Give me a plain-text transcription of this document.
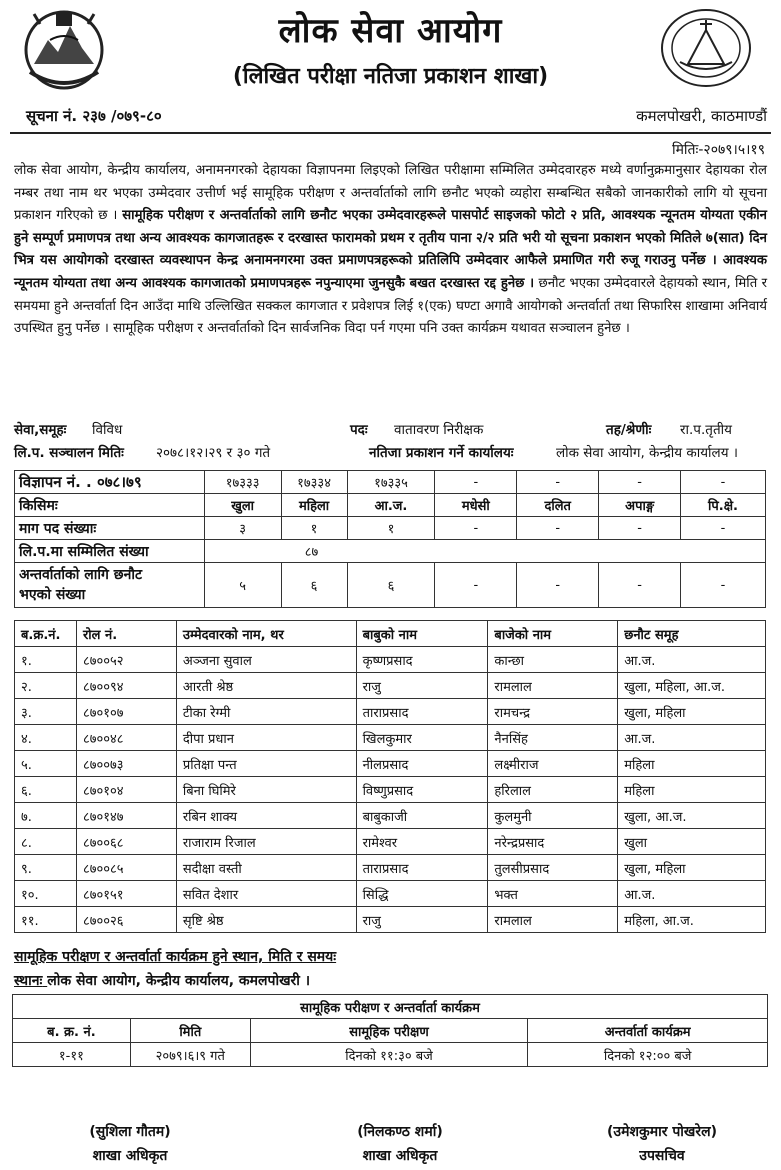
लोक सेवा आयोग
(लिखित परीक्षा नतिजा प्रकाशन शाखा)
सूचना नं. २३७ /०७९-८०	कमलपोखरी, काठमाण्डौं
मितिः-२०७९।५।१९
लोक सेवा आयोग, केन्द्रीय कार्यालय, अनामनगरको देहायका विज्ञापनमा लिइएको लिखित परीक्षामा सम्मिलित उम्मेदवारहरु मध्ये वर्णानुक्रमानुसार देहायका रोल नम्बर तथा नाम थर भएका उम्मेदवार उत्तीर्ण भई सामूहिक परीक्षण र अन्तर्वार्ताको लागि छनौट भएको व्यहोरा सम्बन्धित सबैको जानकारीको लागि यो सूचना प्रकाशन गरिएको छ । सामूहिक परीक्षण र अन्तर्वार्ताको लागि छनौट भएका उम्मेदवारहरूले पासपोर्ट साइजको फोटो २ प्रति, आवश्यक न्यूनतम योग्यता एकीन हुने सम्पूर्ण प्रमाणपत्र तथा अन्य आवश्यक कागजातहरू र दरखास्त फारामको प्रथम र तृतीय पाना २/२ प्रति भरी यो सूचना प्रकाशन भएको मितिले ७(सात) दिन भित्र यस आयोगको दरखास्त व्यवस्थापन केन्द्र अनामनगरमा उक्त प्रमाणपत्रहरूको प्रतिलिपि उम्मेदवार आफैले प्रमाणित गरी रुजू गराउनु पर्नेछ । आवश्यक न्यूनतम योग्यता तथा अन्य आवश्यक कागजातको प्रमाणपत्रहरू नपुन्याएमा जुनसुकै बखत दरखास्त रद्द हुनेछ । छनौट भएका उम्मेदवारले देहायको स्थान, मिति र समयमा हुने अन्तर्वार्ता दिन आउँदा माथि उल्लिखित सक्कल कागजात र प्रवेशपत्र लिई १(एक) घण्टा अगावै आयोगको अन्तर्वार्ता तथा सिफारिस शाखामा अनिवार्य उपस्थित हुनु पर्नेछ । सामूहिक परीक्षण र अन्तर्वार्ताको दिन सार्वजनिक विदा पर्न गएमा पनि उक्त कार्यक्रम यथावत सञ्चालन हुनेछ ।
सेवा,समूहः विविध	पदः वातावरण निरीक्षक	तह/श्रेणीः रा.प.तृतीय
लि.प. सञ्चालन मितिः २०७८।१२।२९ र ३० गते	नतिजा प्रकाशन गर्ने कार्यालयः	लोक सेवा आयोग, केन्द्रीय कार्यालय ।
विज्ञापन नं. . ०७८।७९	१७३३३	१७३३४	१७३३५	-	-	-	-
किसिमः	खुला	महिला	आ.ज.	मधेसी	दलित	अपाङ्ग	पि.क्षे.
माग पद संख्याः	३	१	१	-	-	-	-
लि.प.मा सम्मिलित संख्या	८७						
अन्तर्वार्ताको लागि छनौट
भएको संख्या	५	६	६	-	-	-	-
ब.क्र.नं.	रोल नं.	उम्मेदवारको नाम, थर	बाबुको नाम	बाजेको नाम	छनौट समूह
१.	८७००५२	अञ्जना सुवाल	कृष्णप्रसाद	कान्छा	आ.ज.
२.	८७००९४	आरती श्रेष्ठ	राजु	रामलाल	खुला, महिला, आ.ज.
३.	८७०१०७	टीका रेग्मी	ताराप्रसाद	रामचन्द्र	खुला, महिला
४.	८७००४८	दीपा प्रधान	खिलकुमार	नैनसिंह	आ.ज.
५.	८७००७३	प्रतिक्षा पन्त	नीलप्रसाद	लक्ष्मीराज	महिला
६.	८७०१०४	बिना घिमिरे	विष्णुप्रसाद	हरिलाल	महिला
७.	८७०१४७	रबिन शाक्य	बाबुकाजी	कुलमुनी	खुला, आ.ज.
८.	८७००६८	राजाराम रिजाल	रामेश्वर	नरेन्द्रप्रसाद	खुला
९.	८७००८५	सदीक्षा वस्ती	ताराप्रसाद	तुलसीप्रसाद	खुला, महिला
१०.	८७०१५१	सवित देशार	सिद्धि	भक्त	आ.ज.
११.	८७००२६	सृष्टि श्रेष्ठ	राजु	रामलाल	महिला, आ.ज.
सामूहिक परीक्षण र अन्तर्वार्ता कार्यक्रम हुने स्थान, मिति र समयः
स्थानः लोक सेवा आयोग, केन्द्रीय कार्यालय, कमलपोखरी ।
सामूहिक परीक्षण र अन्तर्वार्ता कार्यक्रम			
ब. क्र. नं.	मिति	सामूहिक परीक्षण	अन्तर्वार्ता कार्यक्रम
१-११	२०७९।६।९ गते	दिनको ११:३० बजे	दिनको १२:०० बजे
(सुशिला गौतम)
शाखा अधिकृत
(निलकण्ठ शर्मा)
शाखा अधिकृत
(उमेशकुमार पोखरेल)
उपसचिव
